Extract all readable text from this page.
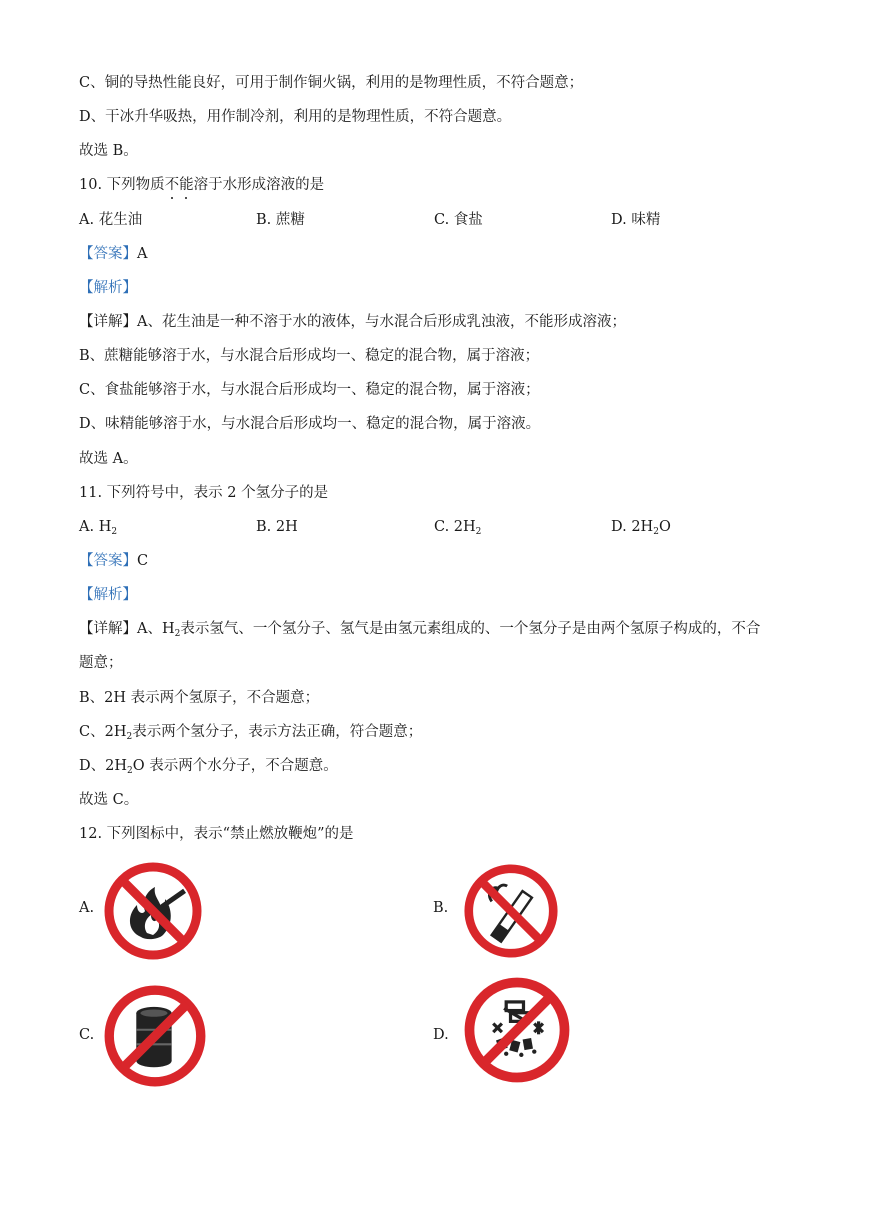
C、铜的导热性能良好，可用于制作铜火锅，利用的是物理性质，不符合题意；
D、干冰升华吸热，用作制冷剂，利用的是物理性质，不符合题意。
故选 B。
10. 下列物质不能溶于水形成溶液的是
A. 花生油	B. 蔗糖	C. 食盐	D. 味精
【答案】A
【解析】
【详解】A、花生油是一种不溶于水的液体，与水混合后形成乳浊液，不能形成溶液；
B、蔗糖能够溶于水，与水混合后形成均一、稳定的混合物，属于溶液；
C、食盐能够溶于水，与水混合后形成均一、稳定的混合物，属于溶液；
D、味精能够溶于水，与水混合后形成均一、稳定的混合物，属于溶液。
故选 A。
11. 下列符号中，表示 2 个氢分子的是
A. $H_2$	B. 2H	C. $2H_2$	D. $2H_2O$
【答案】C
【解析】
【详解】A、$H_2$表示氢气、一个氢分子、氢气是由氢元素组成的、一个氢分子是由两个氢原子构成的，不合
题意；
B、2H 表示两个氢原子，不合题意；
C、$2H_2$表示两个氢分子，表示方法正确，符合题意；
D、$2H_2O$ 表示两个水分子，不合题意。
故选 C。
12. 下列图标中，表示“禁止燃放鞭炮”的是
A.	B.
C.	D.
